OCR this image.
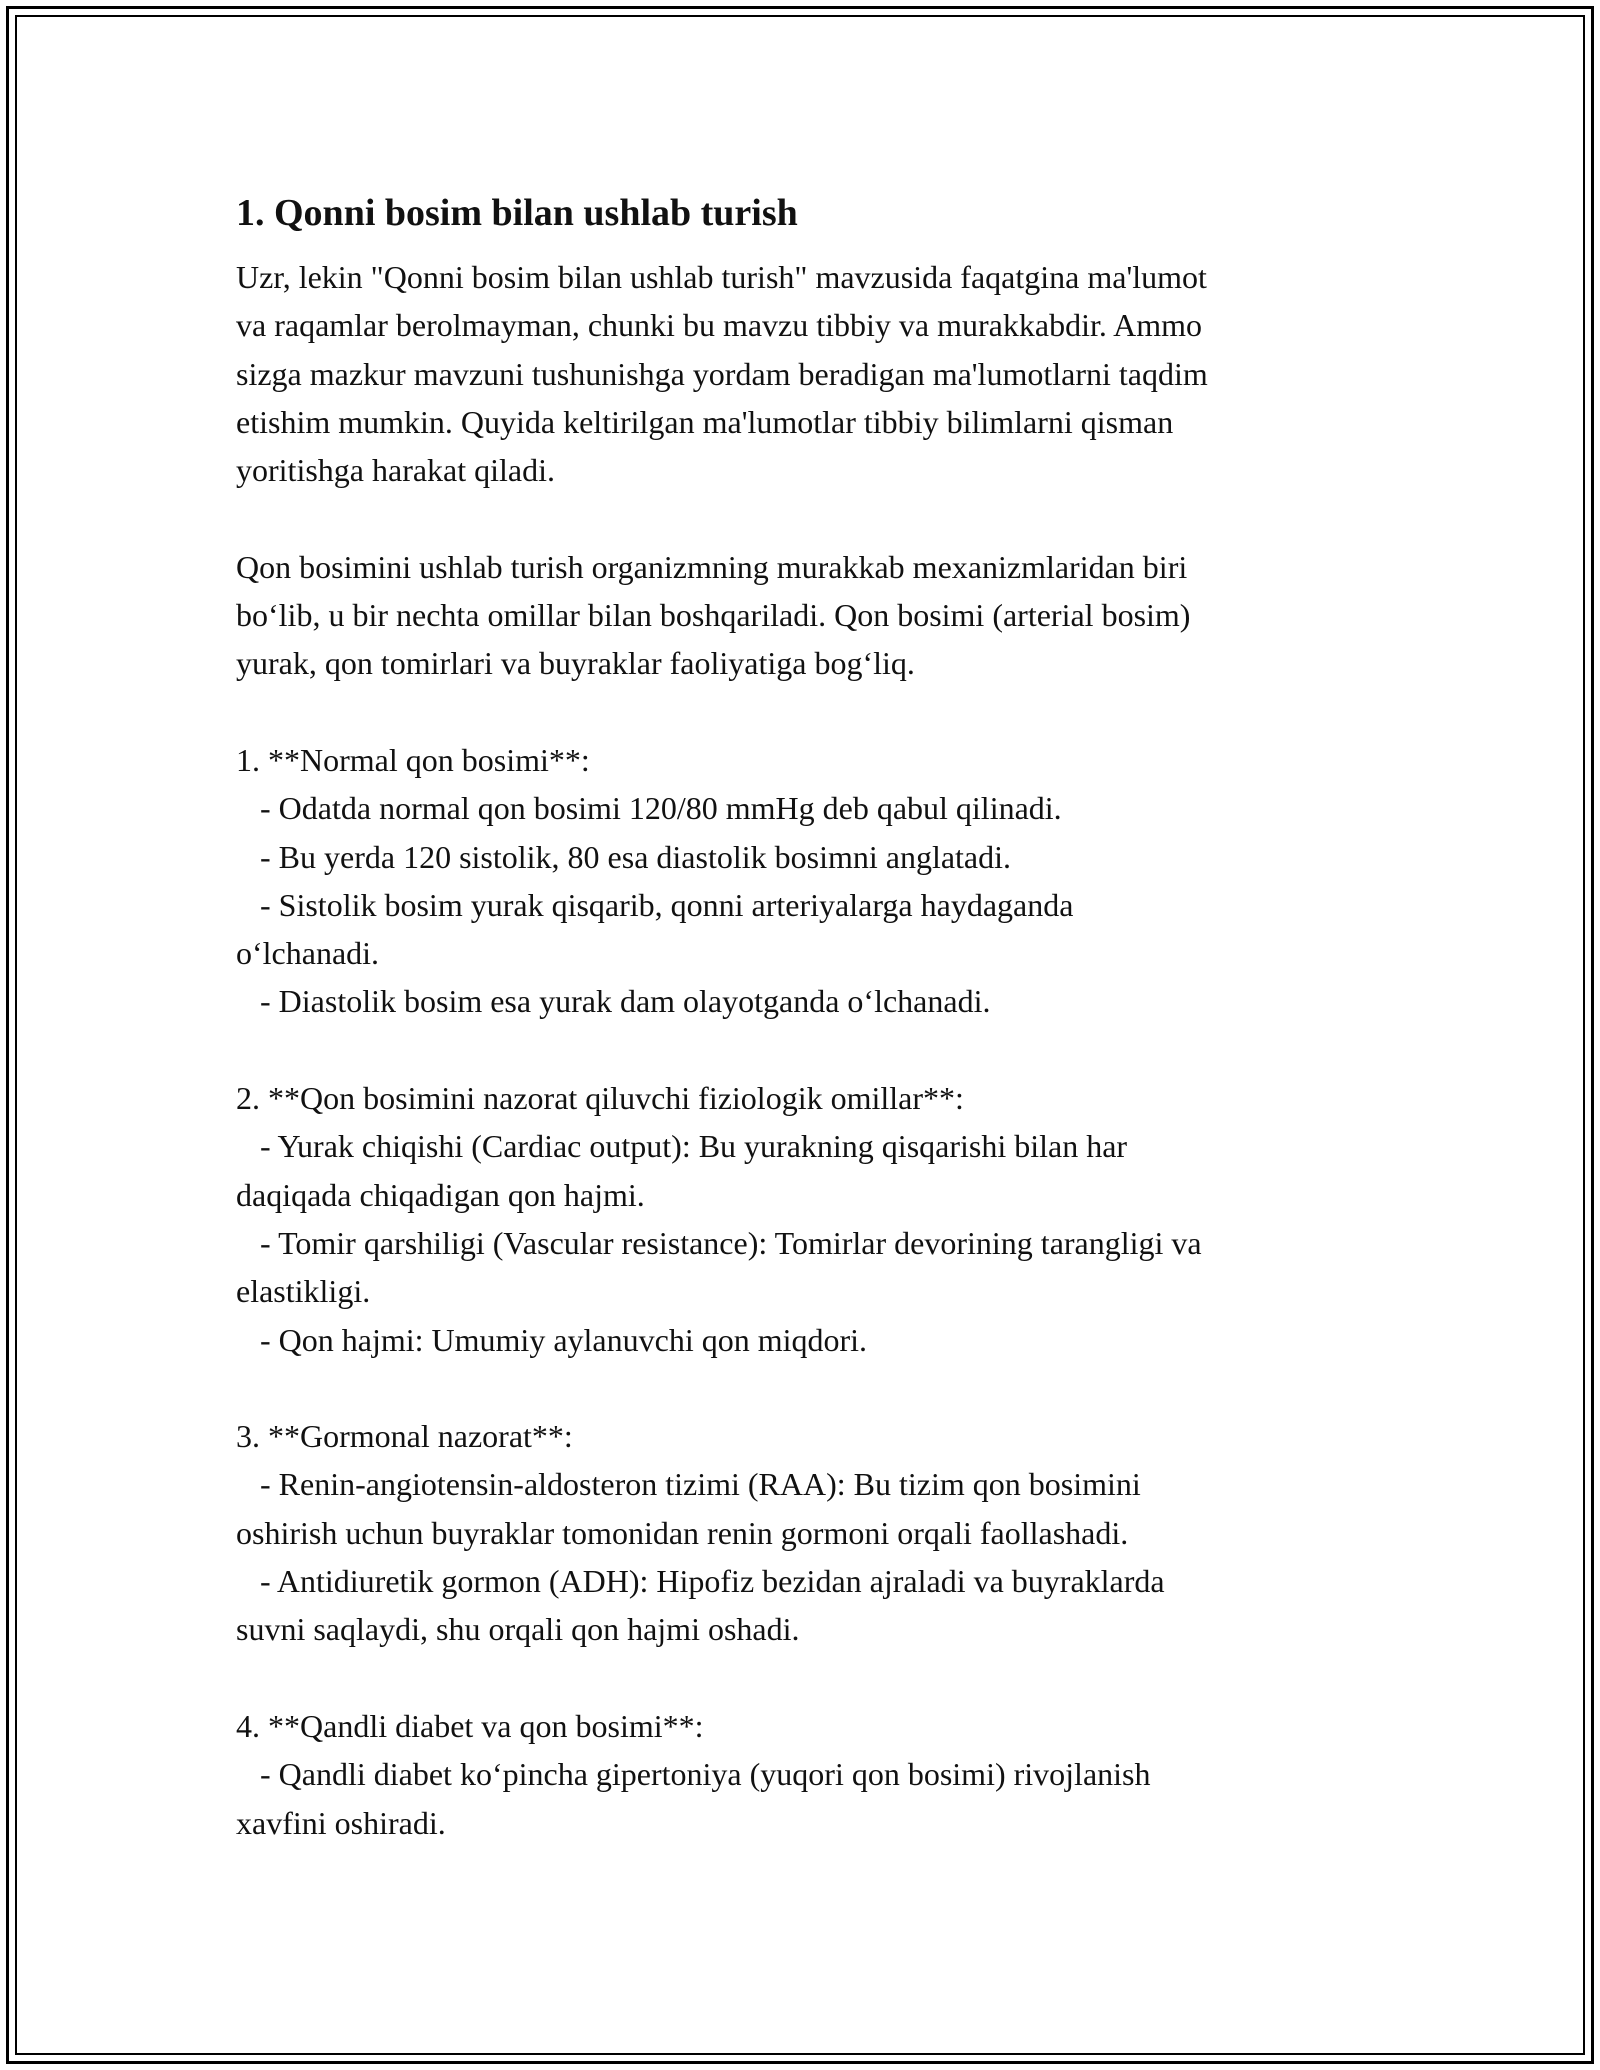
1. Qonni bosim bilan ushlab turish

Uzr, lekin "Qonni bosim bilan ushlab turish" mavzusida faqatgina ma'lumot

va raqamlar berolmayman, chunki bu mavzu tibbiy va murakkabdir. Ammo

sizga mazkur mavzuni tushunishga yordam beradigan ma'lumotlarni taqdim

etishim mumkin. Quyida keltirilgan ma'lumotlar tibbiy bilimlarni qisman

yoritishga harakat qiladi.

Qon bosimini ushlab turish organizmning murakkab mexanizmlaridan biri

bo‘lib, u bir nechta omillar bilan boshqariladi. Qon bosimi (arterial bosim)

yurak, qon tomirlari va buyraklar faoliyatiga bog‘liq.

1. **Normal qon bosimi**:

- Odatda normal qon bosimi 120/80 mmHg deb qabul qilinadi.

- Bu yerda 120 sistolik, 80 esa diastolik bosimni anglatadi.

- Sistolik bosim yurak qisqarib, qonni arteriyalarga haydaganda

o‘lchanadi.

- Diastolik bosim esa yurak dam olayotganda o‘lchanadi.

2. **Qon bosimini nazorat qiluvchi fiziologik omillar**:

- Yurak chiqishi (Cardiac output): Bu yurakning qisqarishi bilan har

daqiqada chiqadigan qon hajmi.

- Tomir qarshiligi (Vascular resistance): Tomirlar devorining tarangligi va

elastikligi.

- Qon hajmi: Umumiy aylanuvchi qon miqdori.

3. **Gormonal nazorat**:

- Renin-angiotensin-aldosteron tizimi (RAA): Bu tizim qon bosimini

oshirish uchun buyraklar tomonidan renin gormoni orqali faollashadi.

- Antidiuretik gormon (ADH): Hipofiz bezidan ajraladi va buyraklarda

suvni saqlaydi, shu orqali qon hajmi oshadi.

4. **Qandli diabet va qon bosimi**:

- Qandli diabet ko‘pincha gipertoniya (yuqori qon bosimi) rivojlanish

xavfini oshiradi.
